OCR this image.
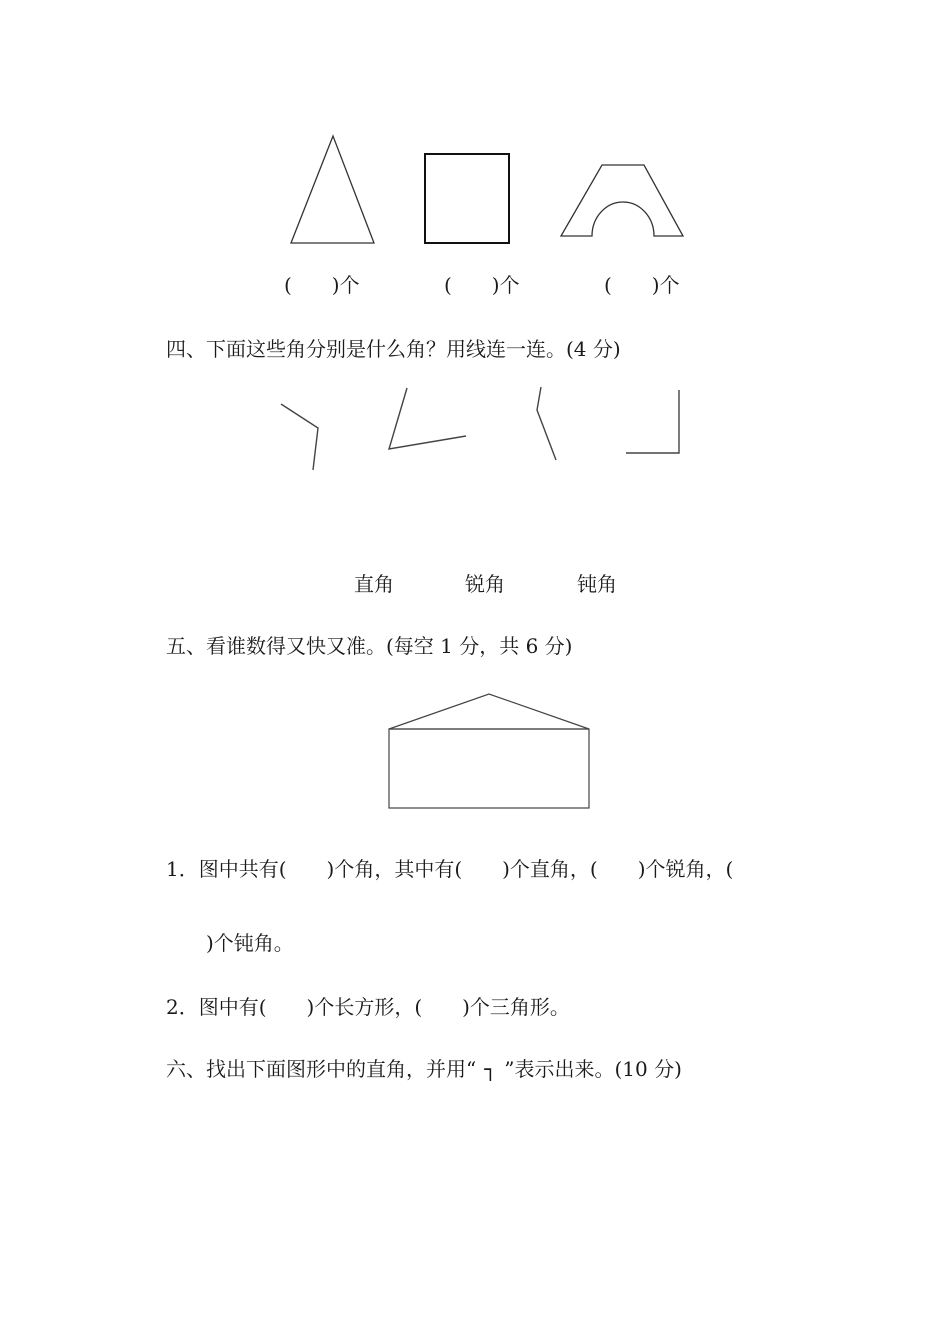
(　　)个	(　　)个	(　　)个
四、下面这些角分别是什么角？用线连一连。(4 分)
直角	锐角	钝角
五、看谁数得又快又准。(每空 1 分，共 6 分)
1．图中共有(　　)个角，其中有(　　)个直角，(　　)个锐角，(
　　)个钝角。
2．图中有(　　)个长方形，(　　)个三角形。
六、找出下面图形中的直角，并用“ ┐ ”表示出来。(10 分)
